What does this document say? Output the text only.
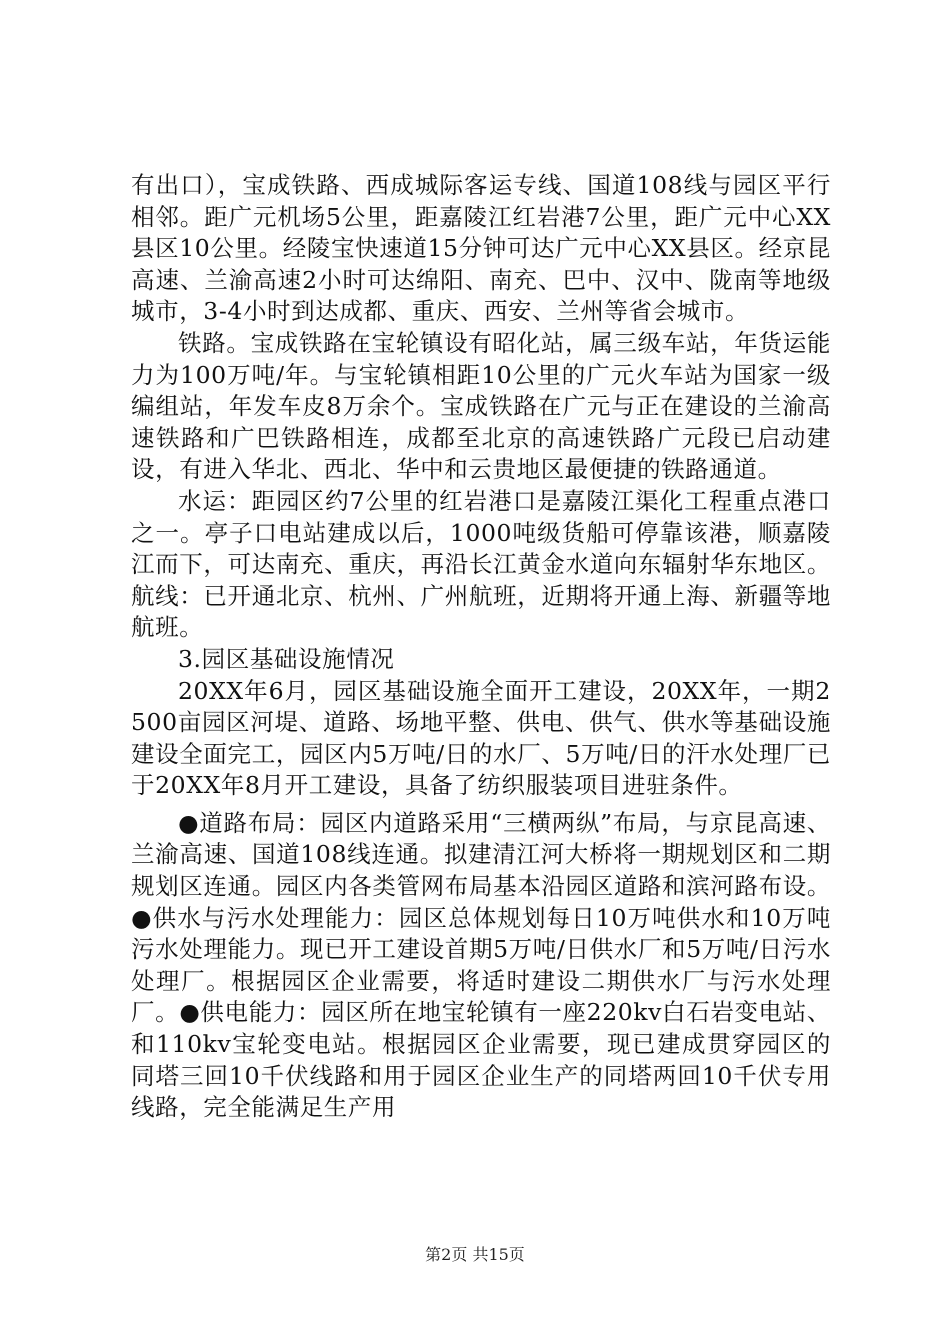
有出口），宝成铁路、西成城际客运专线、国道108线与园区平行相邻。距广元机场5公里，距嘉陵江红岩港7公里，距广元中心XX县区10公里。经陵宝快速道15分钟可达广元中心XX县区。经京昆高速、兰渝高速2小时可达绵阳、南充、巴中、汉中、陇南等地级城市，3-4小时到达成都、重庆、西安、兰州等省会城市。

铁路。宝成铁路在宝轮镇设有昭化站，属三级车站，年货运能力为100万吨/年。与宝轮镇相距10公里的广元火车站为国家一级编组站，年发车皮8万余个。宝成铁路在广元与正在建设的兰渝高速铁路和广巴铁路相连，成都至北京的高速铁路广元段已启动建设，有进入华北、西北、华中和云贵地区最便捷的铁路通道。

水运：距园区约7公里的红岩港口是嘉陵江渠化工程重点港口之一。亭子口电站建成以后，1000吨级货船可停靠该港，顺嘉陵江而下，可达南充、重庆，再沿长江黄金水道向东辐射华东地区。航线：已开通北京、杭州、广州航班，近期将开通上海、新疆等地航班。

3.园区基础设施情况

20XX年6月，园区基础设施全面开工建设，20XX年，一期2500亩园区河堤、道路、场地平整、供电、供气、供水等基础设施建设全面完工，园区内5万吨/日的水厂、5万吨/日的汗水处理厂已于20XX年8月开工建设，具备了纺织服装项目进驻条件。

●道路布局：园区内道路采用“三横两纵”布局，与京昆高速、兰渝高速、国道108线连通。拟建清江河大桥将一期规划区和二期规划区连通。园区内各类管网布局基本沿园区道路和滨河路布设。●供水与污水处理能力：园区总体规划每日10万吨供水和10万吨污水处理能力。现已开工建设首期5万吨/日供水厂和5万吨/日污水处理厂。根据园区企业需要，将适时建设二期供水厂与污水处理厂。●供电能力：园区所在地宝轮镇有一座220kv白石岩变电站、和110kv宝轮变电站。根据园区企业需要，现已建成贯穿园区的同塔三回10千伏线路和用于园区企业生产的同塔两回10千伏专用线路，完全能满足生产用

第2页 共15页
